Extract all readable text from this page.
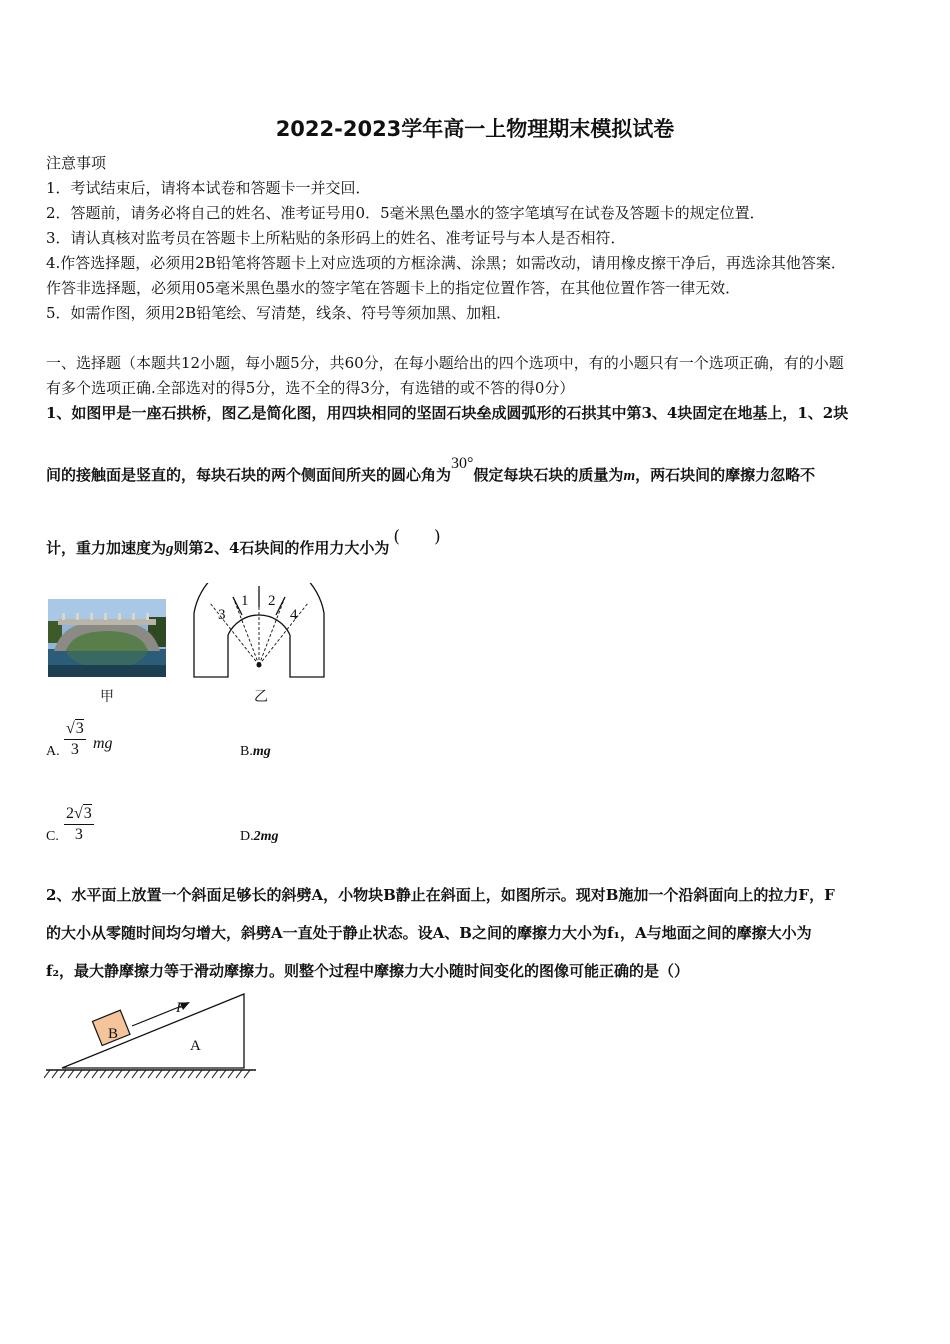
2022-2023学年高一上物理期末模拟试卷
注意事项
1．考试结束后，请将本试卷和答题卡一并交回．
2．答题前，请务必将自己的姓名、准考证号用0．5毫米黑色墨水的签字笔填写在试卷及答题卡的规定位置．
3．请认真核对监考员在答题卡上所粘贴的条形码上的姓名、准考证号与本人是否相符．
4.作答选择题，必须用2B铅笔将答题卡上对应选项的方框涂满、涂黑；如需改动，请用橡皮擦干净后，再选涂其他答案．
作答非选择题，必须用05毫米黑色墨水的签字笔在答题卡上的指定位置作答，在其他位置作答一律无效．
5．如需作图，须用2B铅笔绘、写清楚，线条、符号等须加黑、加粗．
一、选择题（本题共12小题，每小题5分，共60分，在每小题给出的四个选项中，有的小题只有一个选项正确，有的小题
有多个选项正确.全部选对的得5分，选不全的得3分，有选错的或不答的得0分）
1、如图甲是一座石拱桥，图乙是简化图，用四块相同的坚固石块垒成圆弧形的石拱其中第3、4块固定在地基上，1、2块
间的接触面是竖直的，每块石块的两个侧面间所夹的圆心角为30°假定每块石块的质量为m，两石块间的摩擦力忽略不
计，重力加速度为g则第2、4石块间的作用力大小为(　　)
甲
3
1 2
4
乙
A. $\frac{√3}{3}$ mg	B.mg
C. $\frac{2√3}{3}$	D.2mg
2、水平面上放置一个斜面足够长的斜劈A，小物块B静止在斜面上，如图所示。现对B施加一个沿斜面向上的拉力F，F
的大小从零随时间均匀增大，斜劈A一直处于静止状态。设A、B之间的摩擦力大小为f₁，A与地面之间的摩擦大小为
f₂，最大静摩擦力等于滑动摩擦力。则整个过程中摩擦力大小随时间变化的图像可能正确的是（）
F
B
A
